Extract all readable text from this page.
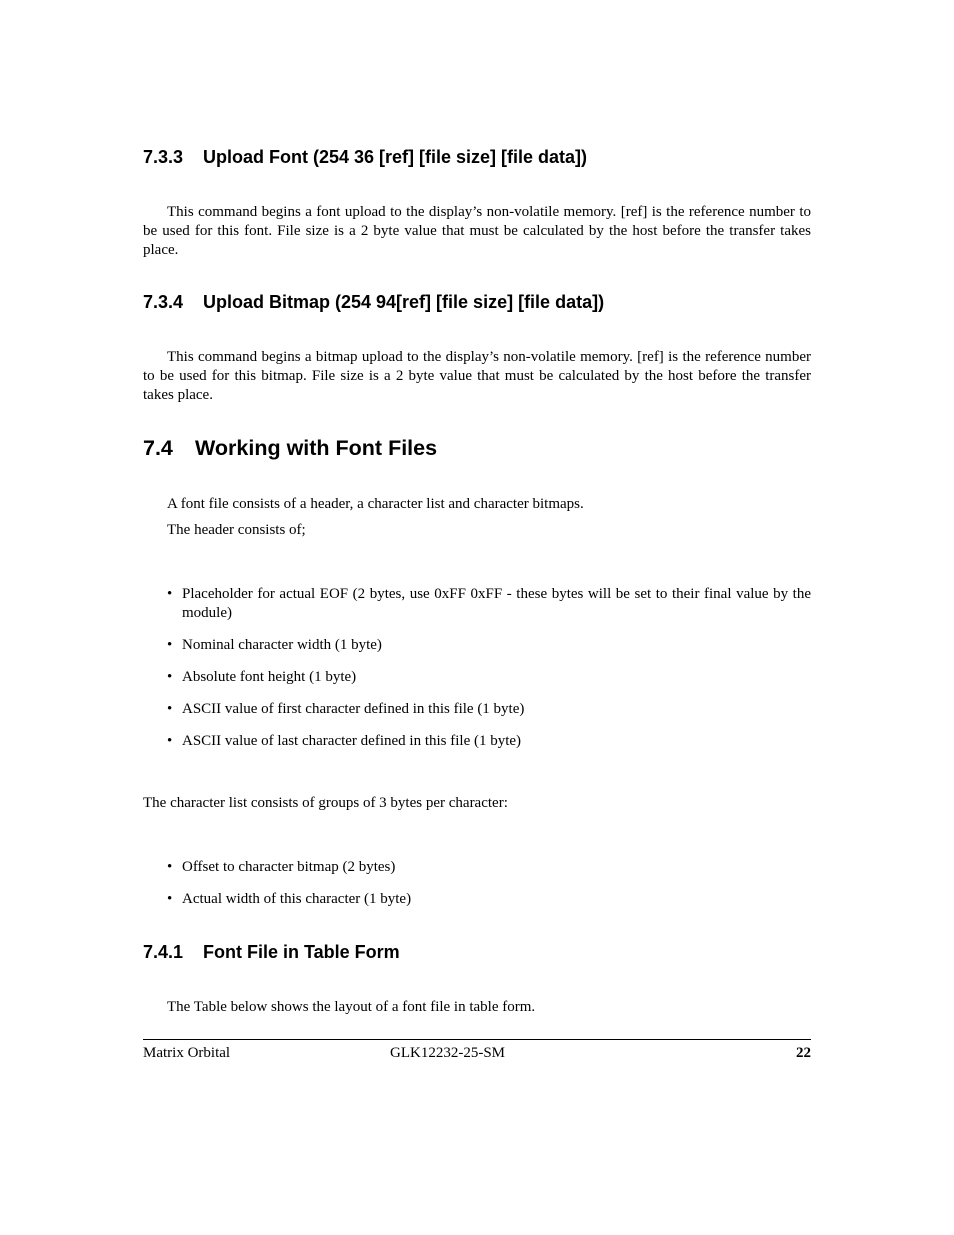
7.3.3 Upload Font (254 36 [ref] [file size] [file data])
This command begins a font upload to the display’s non-volatile memory. [ref] is the reference number to be used for this font. File size is a 2 byte value that must be calculated by the host before the transfer takes place.
7.3.4 Upload Bitmap (254 94[ref] [file size] [file data])
This command begins a bitmap upload to the display’s non-volatile memory. [ref] is the reference number to be used for this bitmap. File size is a 2 byte value that must be calculated by the host before the transfer takes place.
7.4 Working with Font Files
A font file consists of a header, a character list and character bitmaps.
The header consists of;
• Placeholder for actual EOF (2 bytes, use 0xFF 0xFF - these bytes will be set to their final value by the module)
• Nominal character width (1 byte)
• Absolute font height (1 byte)
• ASCII value of first character defined in this file (1 byte)
• ASCII value of last character defined in this file (1 byte)
The character list consists of groups of 3 bytes per character:
• Offset to character bitmap (2 bytes)
• Actual width of this character (1 byte)
7.4.1 Font File in Table Form
The Table below shows the layout of a font file in table form.
Matrix Orbital	GLK12232-25-SM	22
